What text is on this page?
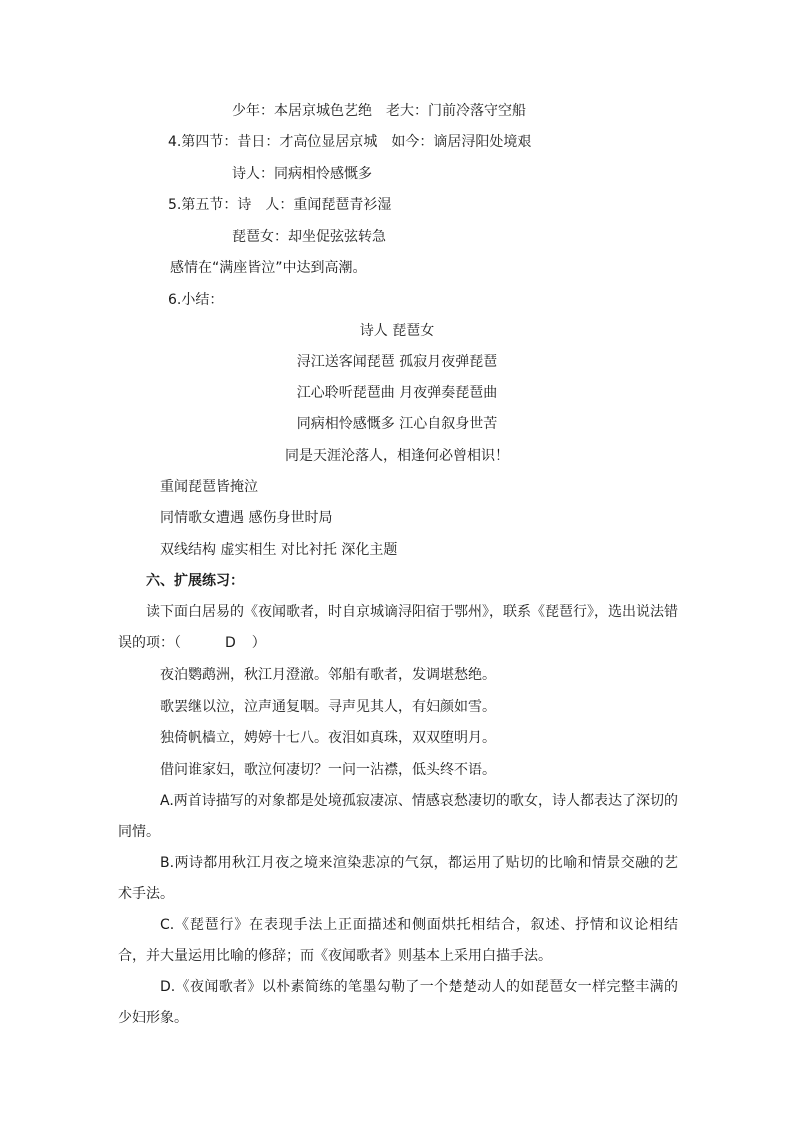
少年：本居京城色艺绝 老大：门前冷落守空船
4.第四节：昔日：才高位显居京城 如今：谪居浔阳处境艰
诗人：同病相怜感慨多
5.第五节：诗　人：重闻琵琶青衫湿
琵琶女：却坐促弦弦转急
感情在“满座皆泣”中达到高潮。
6.小结：
诗人 琵琶女
浔江送客闻琵琶 孤寂月夜弹琵琶
江心聆听琵琶曲 月夜弹奏琵琶曲
同病相怜感慨多 江心自叙身世苦
同是天涯沦落人，相逢何必曾相识！
重闻琵琶皆掩泣
同情歌女遭遇 感伤身世时局
双线结构 虚实相生 对比衬托 深化主题
六、扩展练习：
读下面白居易的《夜闻歌者，时自京城谪浔阳宿于鄂州》，联系《琵琶行》，选出说法错误的项：（	D ）
夜泊鹦鹉洲，秋江月澄澈。邻船有歌者，发调堪愁绝。
歌罢继以泣，泣声通复咽。寻声见其人，有妇颜如雪。
独倚帆樯立，娉婷十七八。夜泪如真珠，双双堕明月。
借问谁家妇，歌泣何凄切？一问一沾襟，低头终不语。
A.两首诗描写的对象都是处境孤寂凄凉、情感哀愁凄切的歌女，诗人都表达了深切的同情。
B.两诗都用秋江月夜之境来渲染悲凉的气氛，都运用了贴切的比喻和情景交融的艺术手法。
C.《琵琶行》在表现手法上正面描述和侧面烘托相结合，叙述、抒情和议论相结合，并大量运用比喻的修辞；而《夜闻歌者》则基本上采用白描手法。
D.《夜闻歌者》以朴素简练的笔墨勾勒了一个楚楚动人的如琵琶女一样完整丰满的少妇形象。
